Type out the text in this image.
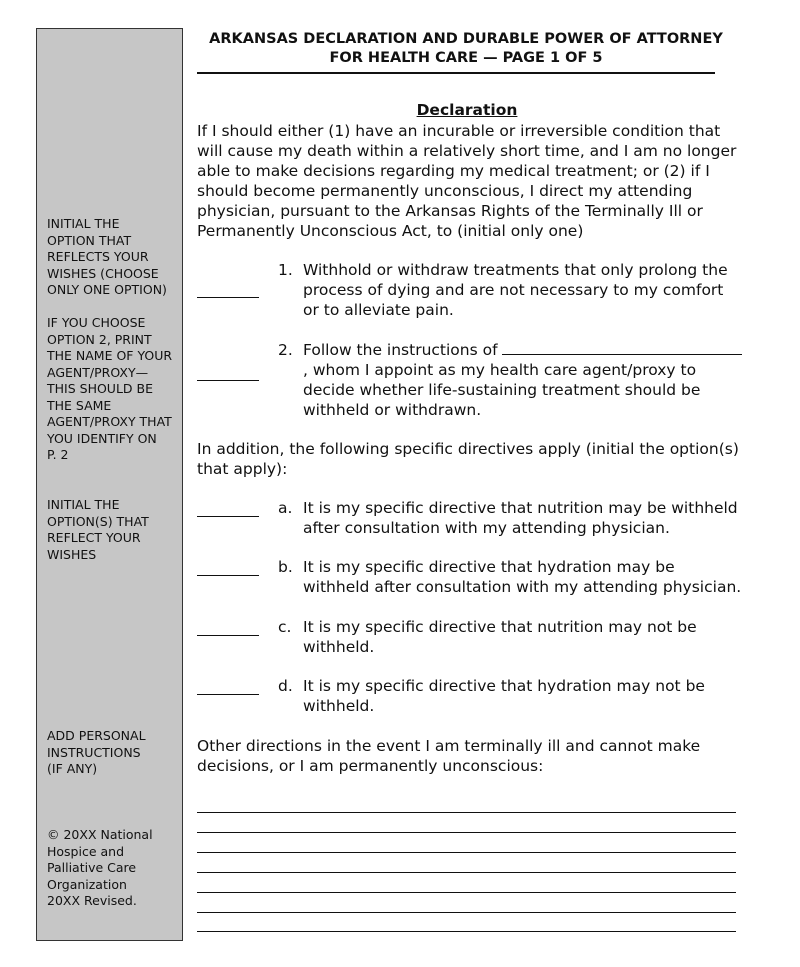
INITIAL THE
OPTION THAT
REFLECTS YOUR
WISHES (CHOOSE
ONLY ONE OPTION)
IF YOU CHOOSE
OPTION 2, PRINT
THE NAME OF YOUR
AGENT/PROXY—
THIS SHOULD BE
THE SAME
AGENT/PROXY THAT
YOU IDENTIFY ON
P. 2
INITIAL THE
OPTION(S) THAT
REFLECT YOUR
WISHES
ADD PERSONAL
INSTRUCTIONS
(IF ANY)
© 20XX National
Hospice and
Palliative Care
Organization
20XX Revised.
ARKANSAS DECLARATION AND DURABLE POWER OF ATTORNEY
FOR HEALTH CARE — PAGE 1 OF 5
Declaration
If I should either (1) have an incurable or irreversible condition that will cause my death within a relatively short time, and I am no longer able to make decisions regarding my medical treatment; or (2) if I should become permanently unconscious, I direct my attending physician, pursuant to the Arkansas Rights of the Terminally Ill or Permanently Unconscious Act, to (initial only one)
1. Withhold or withdraw treatments that only prolong the process of dying and are not necessary to my comfort or to alleviate pain.
2. Follow the instructions of , whom I appoint as my health care agent/proxy to decide whether life-sustaining treatment should be withheld or withdrawn.
In addition, the following specific directives apply (initial the option(s) that apply):
a. It is my specific directive that nutrition may be withheld after consultation with my attending physician.
b. It is my specific directive that hydration may be withheld after consultation with my attending physician.
c. It is my specific directive that nutrition may not be withheld.
d. It is my specific directive that hydration may not be withheld.
Other directions in the event I am terminally ill and cannot make decisions, or I am permanently unconscious:
